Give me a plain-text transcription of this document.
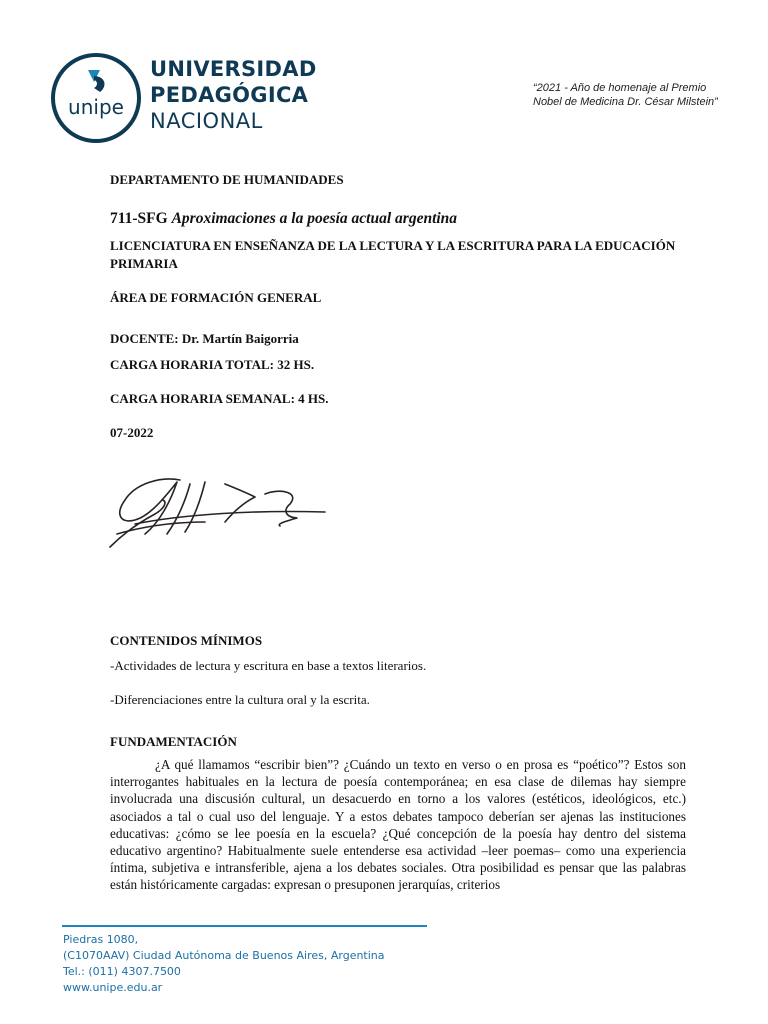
unipe
UNIVERSIDAD
PEDAGÓGICA
NACIONAL
“2021 - Año de homenaje al Premio
Nobel de Medicina Dr. César Milstein”
DEPARTAMENTO DE HUMANIDADES
711-SFG Aproximaciones a la poesía actual argentina
LICENCIATURA EN ENSEÑANZA DE LA LECTURA Y LA ESCRITURA PARA LA EDUCACIÓN PRIMARIA
ÁREA DE FORMACIÓN GENERAL
DOCENTE: Dr. Martín Baigorria
CARGA HORARIA TOTAL: 32 HS.
CARGA HORARIA SEMANAL: 4 HS.
07-2022
CONTENIDOS MÍNIMOS
-Actividades de lectura y escritura en base a textos literarios.
-Diferenciaciones entre la cultura oral y la escrita.
FUNDAMENTACIÓN

¿A qué llamamos “escribir bien”? ¿Cuándo un texto en verso o en prosa es “poético”? Estos son interrogantes habituales en la lectura de poesía contemporánea; en esa clase de dilemas hay siempre involucrada una discusión cultural, un desacuerdo en torno a los valores (estéticos, ideológicos, etc.) asociados a tal o cual uso del lenguaje. Y a estos debates tampoco deberían ser ajenas las instituciones educativas: ¿cómo se lee poesía en la escuela? ¿Qué concepción de la poesía hay dentro del sistema educativo argentino? Habitualmente suele entenderse esa actividad –leer poemas– como una experiencia íntima, subjetiva e intransferible, ajena a los debates sociales. Otra posibilidad es pensar que las palabras están históricamente cargadas: expresan o presuponen jerarquías, criterios

Piedras 1080,
(C1070AAV) Ciudad Autónoma de Buenos Aires, Argentina
Tel.: (011) 4307.7500
www.unipe.edu.ar
